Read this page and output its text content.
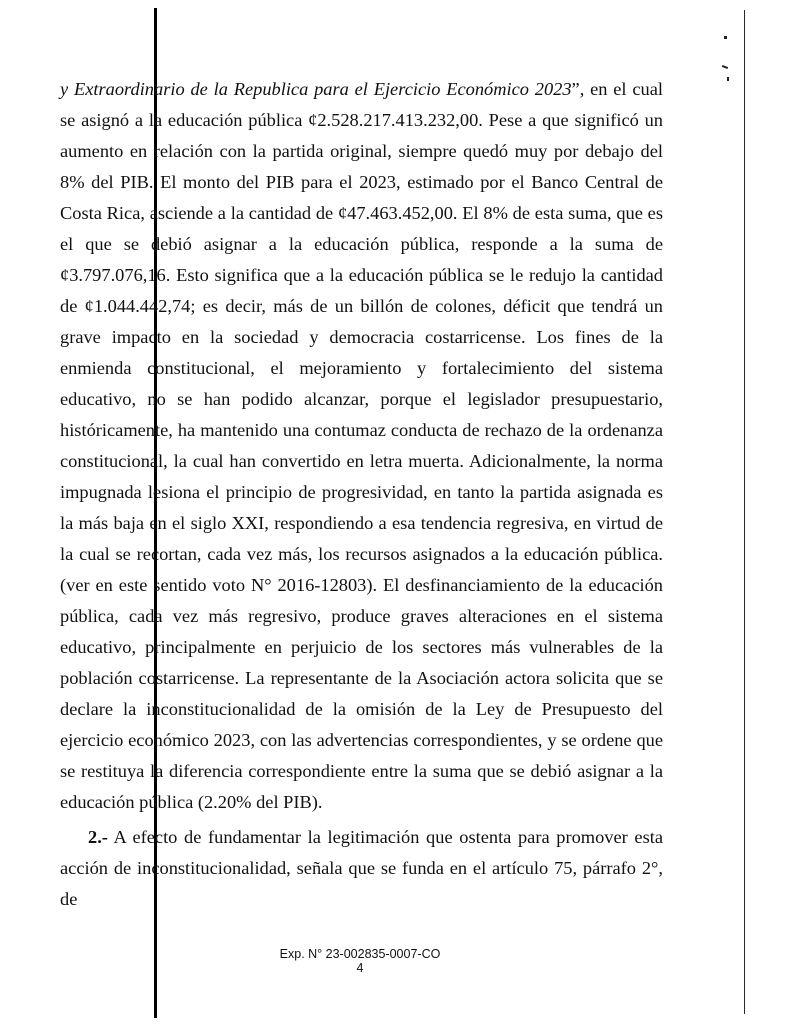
y Extraordinario de la Republica para el Ejercicio Económico 2023”, en el cual se asignó a la educación pública ¢2.528.217.413.232,00. Pese a que significó un aumento en relación con la partida original, siempre quedó muy por debajo del 8% del PIB. El monto del PIB para el 2023, estimado por el Banco Central de Costa Rica, asciende a la cantidad de ¢47.463.452,00. El 8% de esta suma, que es el que se debió asignar a la educación pública, responde a la suma de ¢3.797.076,16. Esto significa que a la educación pública se le redujo la cantidad de ¢1.044.442,74; es decir, más de un billón de colones, déficit que tendrá un grave impacto en la sociedad y democracia costarricense. Los fines de la enmienda constitucional, el mejoramiento y fortalecimiento del sistema educativo, no se han podido alcanzar, porque el legislador presupuestario, históricamente, ha mantenido una contumaz conducta de rechazo de la ordenanza constitucional, la cual han convertido en letra muerta. Adicionalmente, la norma impugnada lesiona el principio de progresividad, en tanto la partida asignada es la más baja en el siglo XXI, respondiendo a esa tendencia regresiva, en virtud de la cual se recortan, cada vez más, los recursos asignados a la educación pública. (ver en este sentido voto N° 2016-12803). El desfinanciamiento de la educación pública, cada vez más regresivo, produce graves alteraciones en el sistema educativo, principalmente en perjuicio de los sectores más vulnerables de la población costarricense. La representante de la Asociación actora solicita que se declare la inconstitucionalidad de la omisión de la Ley de Presupuesto del ejercicio económico 2023, con las advertencias correspondientes, y se ordene que se restituya la diferencia correspondiente entre la suma que se debió asignar a la educación pública (2.20% del PIB).

2.- A efecto de fundamentar la legitimación que ostenta para promover esta acción de inconstitucionalidad, señala que se funda en el artículo 75, párrafo 2°, de

Exp. N° 23-002835-0007-CO
4
